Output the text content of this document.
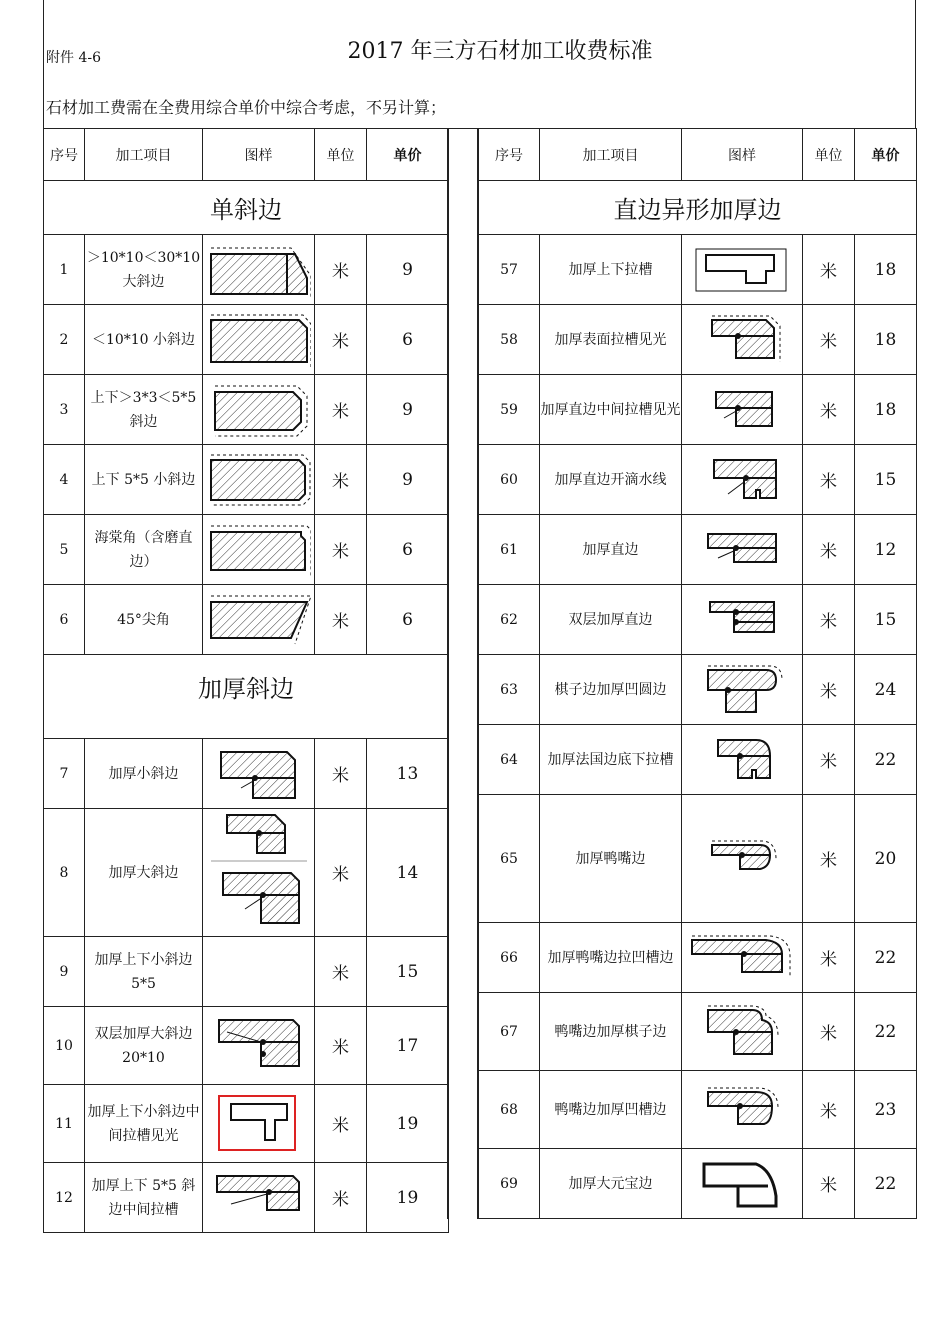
附件 4-6	2017 年三方石材加工收费标准
石材加工费需在全费用综合单价中综合考虑，不另计算；
序号	加工项目	图样	单位	单价
单斜边				
1	＞10*10＜30*10 大斜边		米	9
2	＜10*10 小斜边		米	6
3	上下＞3*3＜5*5 斜边		米	9
4	上下 5*5 小斜边		米	9
5	海棠角（含磨直边）		米	6
6	45°尖角		米	6
加厚斜边				
7	加厚小斜边		米	13
8	加厚大斜边		米	14
9	加厚上下小斜边 5*5		米	15
10	双层加厚大斜边 20*10		米	17
11	加厚上下小斜边中间拉槽见光		米	19
12	加厚上下 5*5 斜边中间拉槽		米	19
序号	加工项目	图样	单位	单价
直边异形加厚边				
57	加厚上下拉槽		米	18
58	加厚表面拉槽见光		米	18
59	加厚直边中间拉槽见光		米	18
60	加厚直边开滴水线		米	15
61	加厚直边		米	12
62	双层加厚直边		米	15
63	棋子边加厚凹圆边		米	24
64	加厚法国边底下拉槽		米	22
65	加厚鸭嘴边		米	20
66	加厚鸭嘴边拉凹槽边		米	22
67	鸭嘴边加厚棋子边		米	22
68	鸭嘴边加厚凹槽边		米	23
69	加厚大元宝边		米	22
